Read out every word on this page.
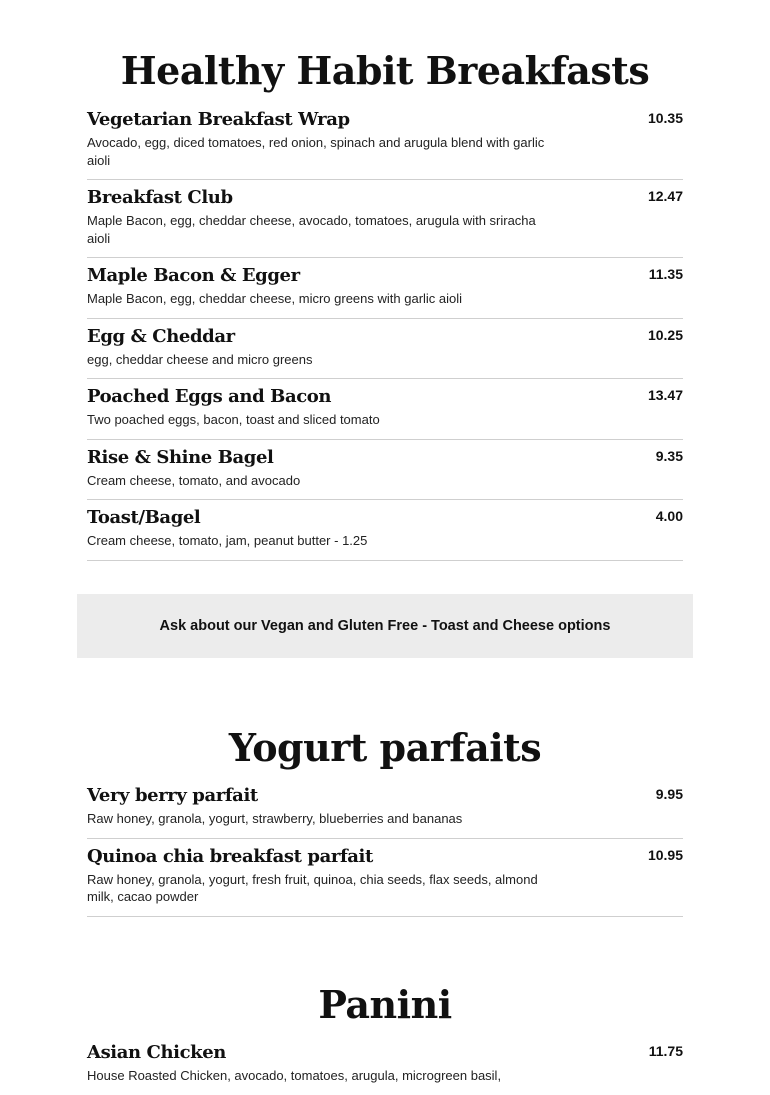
Healthy Habit Breakfasts
Vegetarian Breakfast Wrap	10.35
Avocado, egg, diced tomatoes, red onion, spinach and arugula blend with garlic aioli
Breakfast Club	12.47
Maple Bacon, egg, cheddar cheese, avocado, tomatoes, arugula with sriracha aioli
Maple Bacon & Egger	11.35
Maple Bacon, egg, cheddar cheese, micro greens with garlic aioli
Egg & Cheddar	10.25
egg, cheddar cheese and micro greens
Poached Eggs and Bacon	13.47
Two poached eggs, bacon, toast and sliced tomato
Rise & Shine Bagel	9.35
Cream cheese, tomato, and avocado
Toast/Bagel	4.00
Cream cheese, tomato, jam, peanut butter - 1.25
Ask about our Vegan and Gluten Free - Toast and Cheese options
Yogurt parfaits
Very berry parfait	9.95
Raw honey, granola, yogurt, strawberry, blueberries and bananas
Quinoa chia breakfast parfait	10.95
Raw honey, granola, yogurt, fresh fruit, quinoa, chia seeds, flax seeds, almond milk, cacao powder
Panini
Asian Chicken	11.75
House Roasted Chicken, avocado, tomatoes, arugula, microgreen basil,
